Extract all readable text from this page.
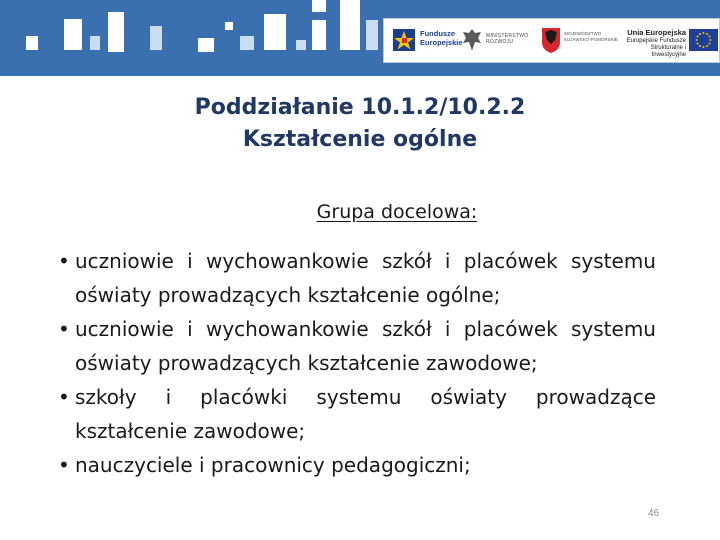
Fundusze
Europejskie
MINISTERSTWO
ROZWOJU
WOJEWÓDZTWO
KUJAWSKO-POMORSKIE
Unia Europejska
Europejskie Fundusze
Strukturalne i Inwestycyjne
Poddziałanie 10.1.2/10.2.2
Kształcenie ogólne
Grupa docelowa:
• uczniowie i wychowankowie szkół i placówek systemu oświaty prowadzących kształcenie ogólne;
• uczniowie i wychowankowie szkół i placówek systemu oświaty prowadzących kształcenie zawodowe;
• szkoły i placówki systemu oświaty prowadzące kształcenie zawodowe;
• nauczyciele i pracownicy pedagogiczni;
46
